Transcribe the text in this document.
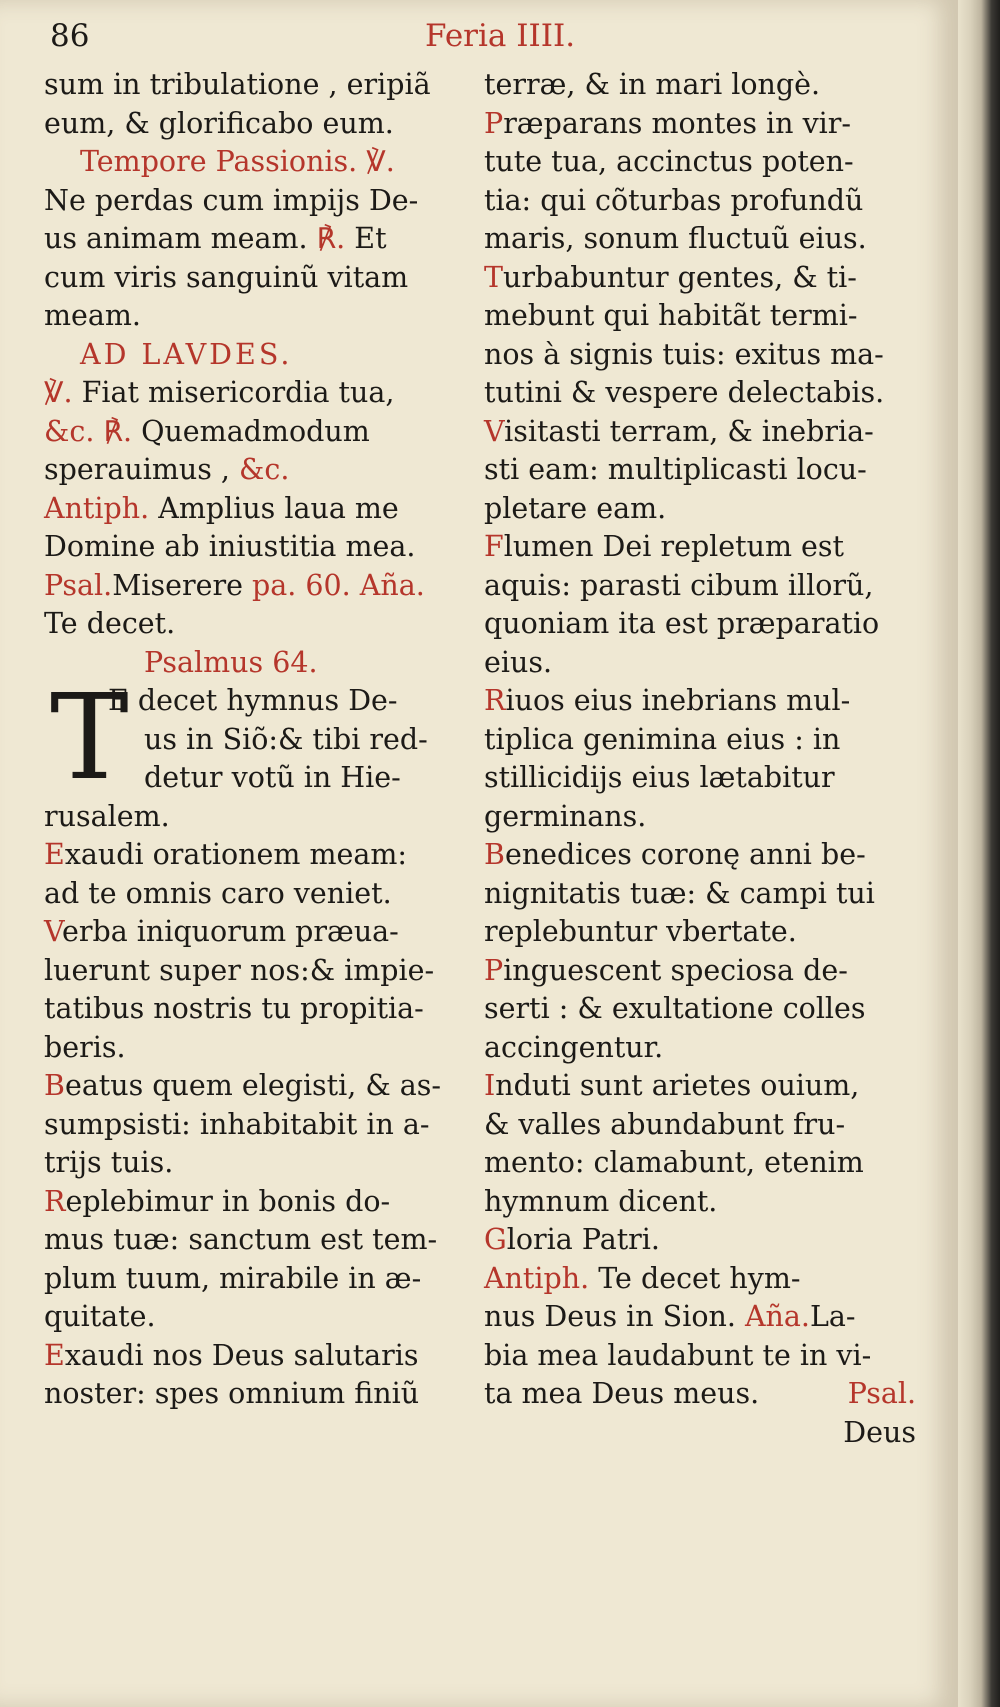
86	Feria IIII.
sum in tribulatione , eripiã
eum, & glorificabo eum.
Tempore Passionis. ℣.
Ne perdas cum impijs De-
us animam meam. ℟. Et
cum viris sanguinũ vitam
meam.
AD LAVDES.
℣. Fiat misericordia tua,
&c. ℟. Quemadmodum
sperauimus , &c.
Antiph. Amplius laua me
Domine ab iniustitia mea.
Psal.Miserere pa. 60. Aña.
Te decet.
Psalmus 64.
T
E decet hymnus De-
us in Siõ:& tibi red-
detur votũ in Hie-
rusalem.
Exaudi orationem meam:
ad te omnis caro veniet.
Verba iniquorum præua-
luerunt super nos:& impie-
tatibus nostris tu propitia-
beris.
Beatus quem elegisti, & as-
sumpsisti: inhabitabit in a-
trijs tuis.
Replebimur in bonis do-
mus tuæ: sanctum est tem-
plum tuum, mirabile in æ-
quitate.
Exaudi nos Deus salutaris
noster: spes omnium finiũ
terræ, & in mari longè.
Præparans montes in vir-
tute tua, accinctus poten-
tia: qui cõturbas profundũ
maris, sonum fluctuũ eius.
Turbabuntur gentes, & ti-
mebunt qui habitãt termi-
nos à signis tuis: exitus ma-
tutini & vespere delectabis.
Visitasti terram, & inebria-
sti eam: multiplicasti locu-
pletare eam.
Flumen Dei repletum est
aquis: parasti cibum illorũ,
quoniam ita est præparatio
eius.
Riuos eius inebrians mul-
tiplica genimina eius : in
stillicidijs eius lætabitur
germinans.
Benedices coronę anni be-
nignitatis tuæ: & campi tui
replebuntur vbertate.
Pinguescent speciosa de-
serti : & exultatione colles
accingentur.
Induti sunt arietes ouium,
& valles abundabunt fru-
mento: clamabunt, etenim
hymnum dicent.
Gloria Patri.
Antiph. Te decet hym-
nus Deus in Sion. Aña.La-
bia mea laudabunt te in vi-
ta mea Deus meus.	Psal.
Deus
